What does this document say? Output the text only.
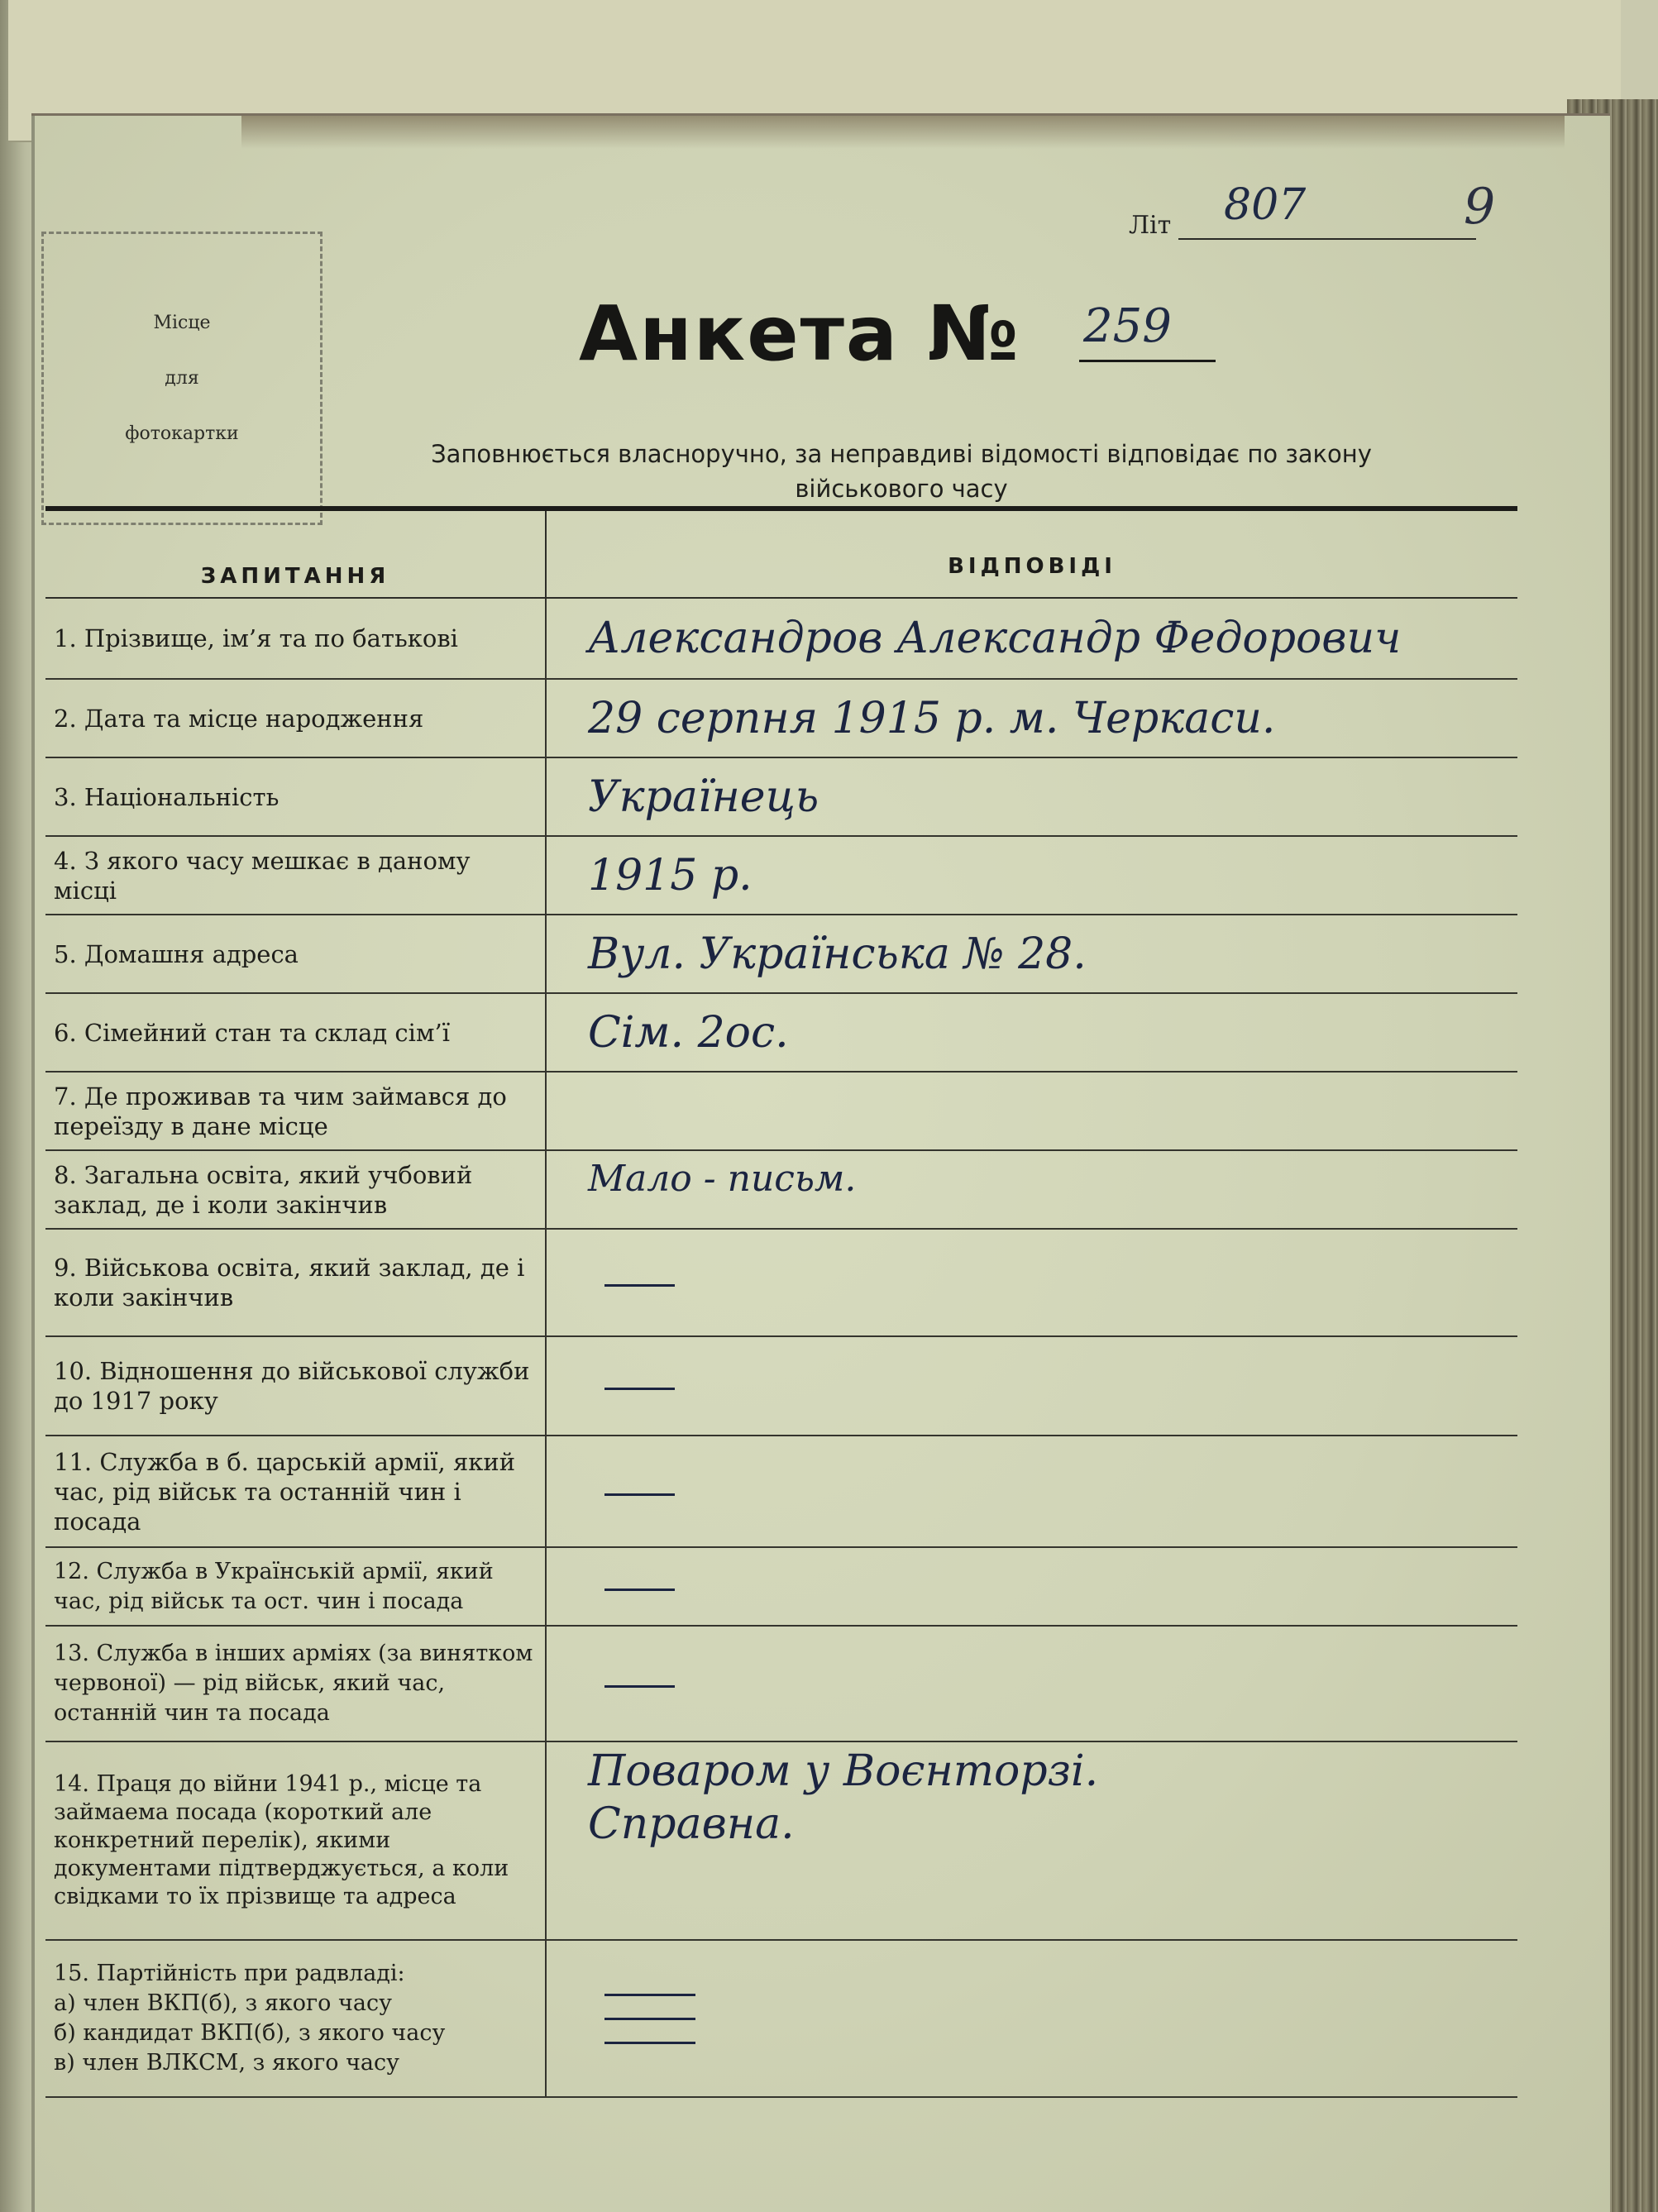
Місце
для
фотокартки
Літ 807	9
Анкета № 259
Заповнюється власноручно, за неправдиві відомості відповідає по закону військового часу
ЗАПИТАННЯ	ВІДПОВІДІ
1. Прізвище, ім’я та по батькові	Александров Александр Федорович
2. Дата та місце народження	29 серпня 1915 р. м. Черкаси.
3. Національність	Українець
4. З якого часу мешкає в даному місці	1915 р.
5. Домашня адреса	Вул. Українська № 28.
6. Сімейний стан та склад сім’ї	Сім. 2ос.
7. Де проживав та чим займався до переїзду в дане місце	
8. Загальна освіта, який учбовий заклад, де і коли закінчив	Мало - письм.
9. Військова освіта, який заклад, де і коли закінчив	
10. Відношення до військової служби до 1917 року	
11. Служба в б. царській армії, який час, рід військ та останній чин і посада	
12. Служба в Українській армії, який час, рід військ та ост. чин і посада	
13. Служба в інших арміях (за винятком червоної) — рід військ, який час, останній чин та посада	
14. Праця до війни 1941 р., місце та займаема посада (короткий але конкретний перелік), якими документами підтверджується, а коли свідками то їх прізвище та адреса	Поваром у Воєнторзі.
Справна.

15. Партійність при радвладі:
а) член ВКП(б), з якого часу
б) кандидат ВКП(б), з якого часу
в) член ВЛКСМ, з якого часу	
